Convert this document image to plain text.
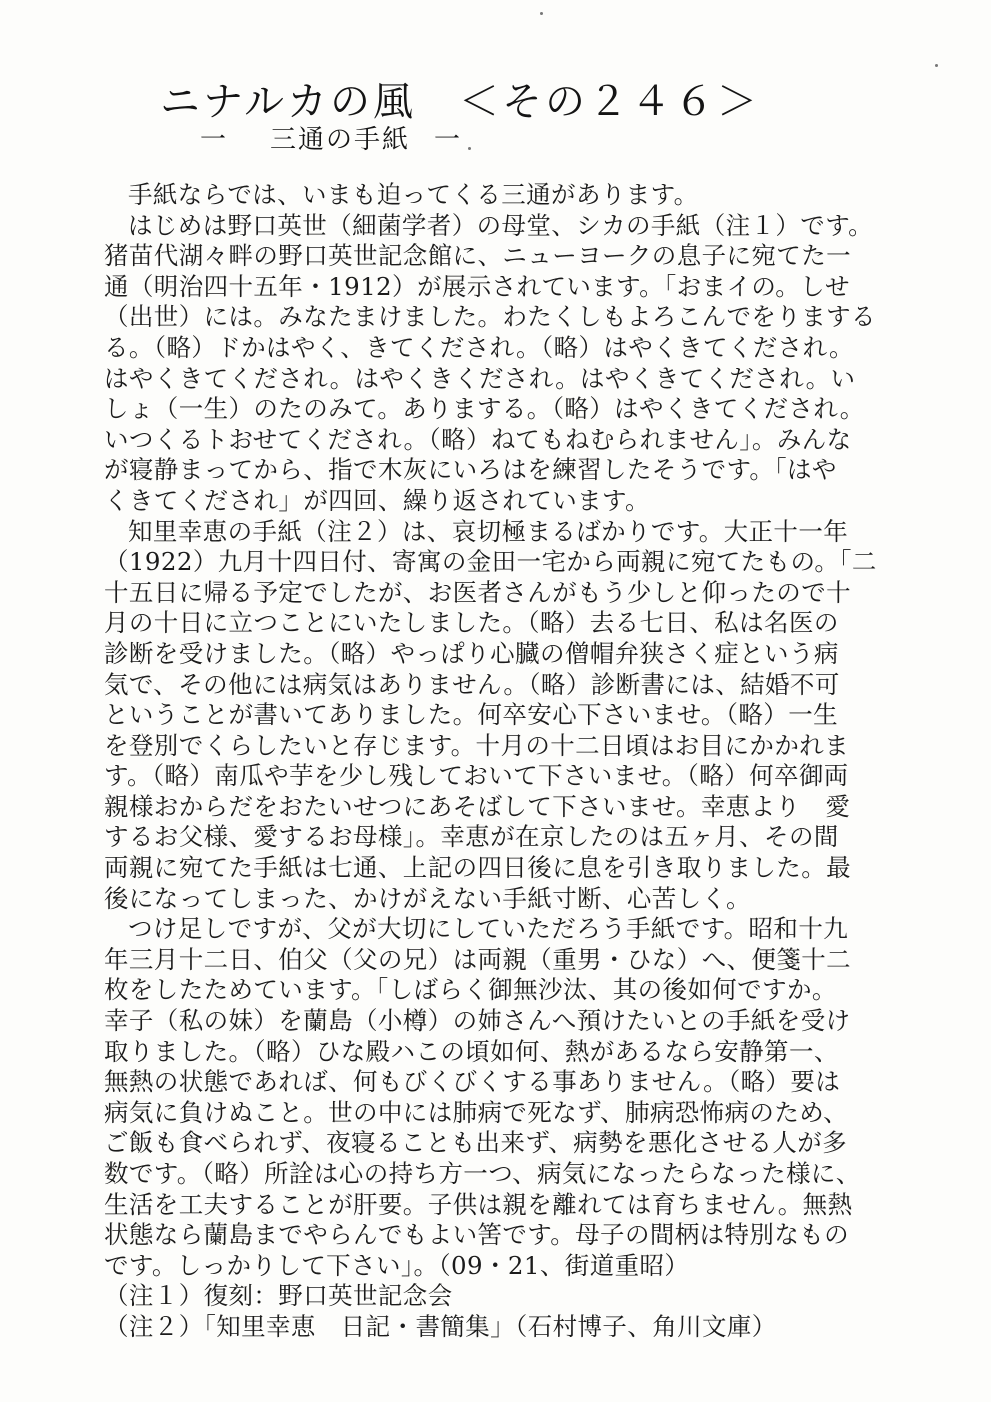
ニナルカの風　＜その２４６＞
一 三通の手紙 一
手紙ならでは、いまも迫ってくる三通があります。
はじめは野口英世（細菌学者）の母堂、シカの手紙（注１）です。
猪苗代湖々畔の野口英世記念館に、ニューヨークの息子に宛てた一
通（明治四十五年・1912）が展示されています。「おまイの。しせ
（出世）には。みなたまけました。わたくしもよろこんでをりまする
る。（略）ドかはやく、きてくだされ。（略）はやくきてくだされ。
はやくきてくだされ。はやくきくだされ。はやくきてくだされ。い
しょ（一生）のたのみて。ありまする。（略）はやくきてくだされ。
いつくるトおせてくだされ。（略）ねてもねむられません」。みんな
が寝静まってから、指で木灰にいろはを練習したそうです。「はや
くきてくだされ」が四回、繰り返されています。
知里幸恵の手紙（注２）は、哀切極まるばかりです。大正十一年
（1922）九月十四日付、寄寓の金田一宅から両親に宛てたもの。「二
十五日に帰る予定でしたが、お医者さんがもう少しと仰ったので十
月の十日に立つことにいたしました。（略）去る七日、私は名医の
診断を受けました。（略）やっぱり心臓の僧帽弁狭さく症という病
気で、その他には病気はありません。（略）診断書には、結婚不可
ということが書いてありました。何卒安心下さいませ。（略）一生
を登別でくらしたいと存じます。十月の十二日頃はお目にかかれま
す。（略）南瓜や芋を少し残しておいて下さいませ。（略）何卒御両
親様おからだをおたいせつにあそばして下さいませ。幸恵より　愛
するお父様、愛するお母様」。幸恵が在京したのは五ヶ月、その間
両親に宛てた手紙は七通、上記の四日後に息を引き取りました。最
後になってしまった、かけがえない手紙寸断、心苦しく。
つけ足しですが、父が大切にしていただろう手紙です。昭和十九
年三月十二日、伯父（父の兄）は両親（重男・ひな）へ、便箋十二
枚をしたためています。「しばらく御無沙汰、其の後如何ですか。
幸子（私の妹）を蘭島（小樽）の姉さんへ預けたいとの手紙を受け
取りました。（略）ひな殿ハこの頃如何、熱があるなら安静第一、
無熱の状態であれば、何もびくびくする事ありません。（略）要は
病気に負けぬこと。世の中には肺病で死なず、肺病恐怖病のため、
ご飯も食べられず、夜寝ることも出来ず、病勢を悪化させる人が多
数です。（略）所詮は心の持ち方一つ、病気になったらなった様に、
生活を工夫することが肝要。子供は親を離れては育ちません。無熱
状態なら蘭島までやらんでもよい筈です。母子の間柄は特別なもの
です。しっかりして下さい」。（09・21、街道重昭）
（注１）復刻：野口英世記念会
（注２）「知里幸恵　日記・書簡集」（石村博子、角川文庫）
